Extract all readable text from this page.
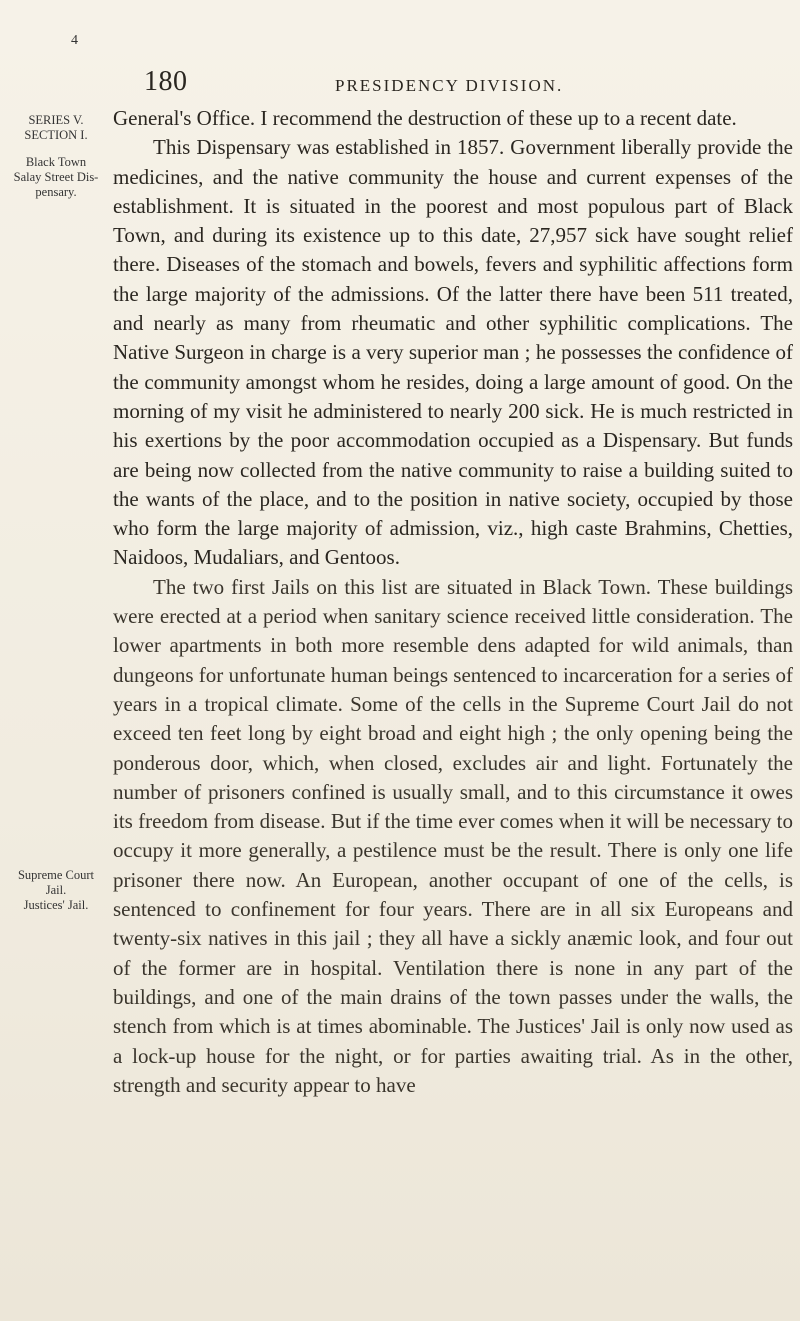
4
180	PRESIDENCY DIVISION.
SERIES V.
SECTION I.
Black Town
Salay Street Dis-
pensary.
Supreme Court
Jail.
Justices' Jail.

General's Office. I recommend the destruction of these up to a recent date.

This Dispensary was established in 1857. Government liberally provide the medicines, and the native community the house and current expenses of the establishment. It is situated in the poorest and most populous part of Black Town, and during its existence up to this date, 27,957 sick have sought relief there. Diseases of the stomach and bowels, fevers and syphilitic affections form the large majority of the admissions. Of the latter there have been 511 treated, and nearly as many from rheumatic and other syphilitic complications. The Native Surgeon in charge is a very superior man ; he possesses the confidence of the community amongst whom he resides, doing a large amount of good. On the morning of my visit he administered to nearly 200 sick. He is much restricted in his exertions by the poor accommodation occupied as a Dispensary. But funds are being now collected from the native community to raise a building suited to the wants of the place, and to the position in native society, occupied by those who form the large majority of admission, viz., high caste Brahmins, Chetties, Naidoos, Mudaliars, and Gentoos.

The two first Jails on this list are situated in Black Town. These buildings were erected at a period when sanitary science received little consideration. The lower apartments in both more resemble dens adapted for wild animals, than dungeons for unfortunate human beings sentenced to incarceration for a series of years in a tropical climate. Some of the cells in the Supreme Court Jail do not exceed ten feet long by eight broad and eight high ; the only opening being the ponderous door, which, when closed, excludes air and light. Fortunately the number of prisoners confined is usually small, and to this circumstance it owes its freedom from disease. But if the time ever comes when it will be necessary to occupy it more generally, a pestilence must be the result. There is only one life prisoner there now. An European, another occupant of one of the cells, is sentenced to confinement for four years. There are in all six Europeans and twenty-six natives in this jail ; they all have a sickly anæmic look, and four out of the former are in hospital. Ventilation there is none in any part of the buildings, and one of the main drains of the town passes under the walls, the stench from which is at times abominable. The Justices' Jail is only now used as a lock-up house for the night, or for parties awaiting trial. As in the other, strength and security appear to have
